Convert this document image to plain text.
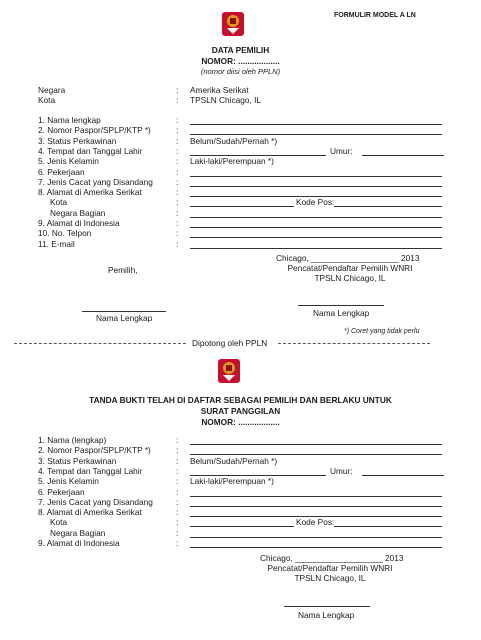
FORMULIR MODEL A LN
DATA PEMILIH
NOMOR: ..................
(nomor diisi oleh PPLN)
Negara	: Amerika Serikat
Kota	: TPSLN Chicago, IL
1. Nama lengkap	:
2. Nomor Paspor/SPLP/KTP *)	:
3. Status Perkawinan	: Belum/Sudah/Pernah *)
4. Tempat dan Tanggal Lahir	:	Umur:
5. Jenis Kelamin	: Laki-laki/Perempuan *)
6. Pekerjaan	:
7. Jenis Cacat yang Disandang	:
8. Alamat di Amerika Serikat	:
Kota	:	Kode Pos:
Negara Bagian	:
9. Alamat di Indonesia	:
10. No. Telpon	:
11. E-mail	:
Chicago, ___________________ 2013
Pencatat/Pendaftar Pemilih WNRI
TPSLN Chicago, IL
Pemilih,
Nama Lengkap	Nama Lengkap
*) Coret yang tidak perlu
Dipotong oleh PPLN
TANDA BUKTI TELAH DI DAFTAR SEBAGAI PEMILIH DAN BERLAKU UNTUK
SURAT PANGGILAN
NOMOR: ..................
1. Nama (lengkap)	:
2. Nomor Paspor/SPLP/KTP *)	:
3. Status Perkawinan	: Belum/Sudah/Pernah *)
4. Tempat dan Tanggal Lahir	:	Umur:
5. Jenis Kelamin	: Laki-laki/Perempuan *)
6. Pekerjaan	:
7. Jenis Cacat yang Disandang	:
8. Alamat di Amerika Serikat	:
Kota	:	Kode Pos:
Negara Bagian	:
9. Alamat di Indonesia	:
Chicago, ___________________ 2013
Pencatat/Pendaftar Pemilih WNRI
TPSLN Chicago, IL
Nama Lengkap
